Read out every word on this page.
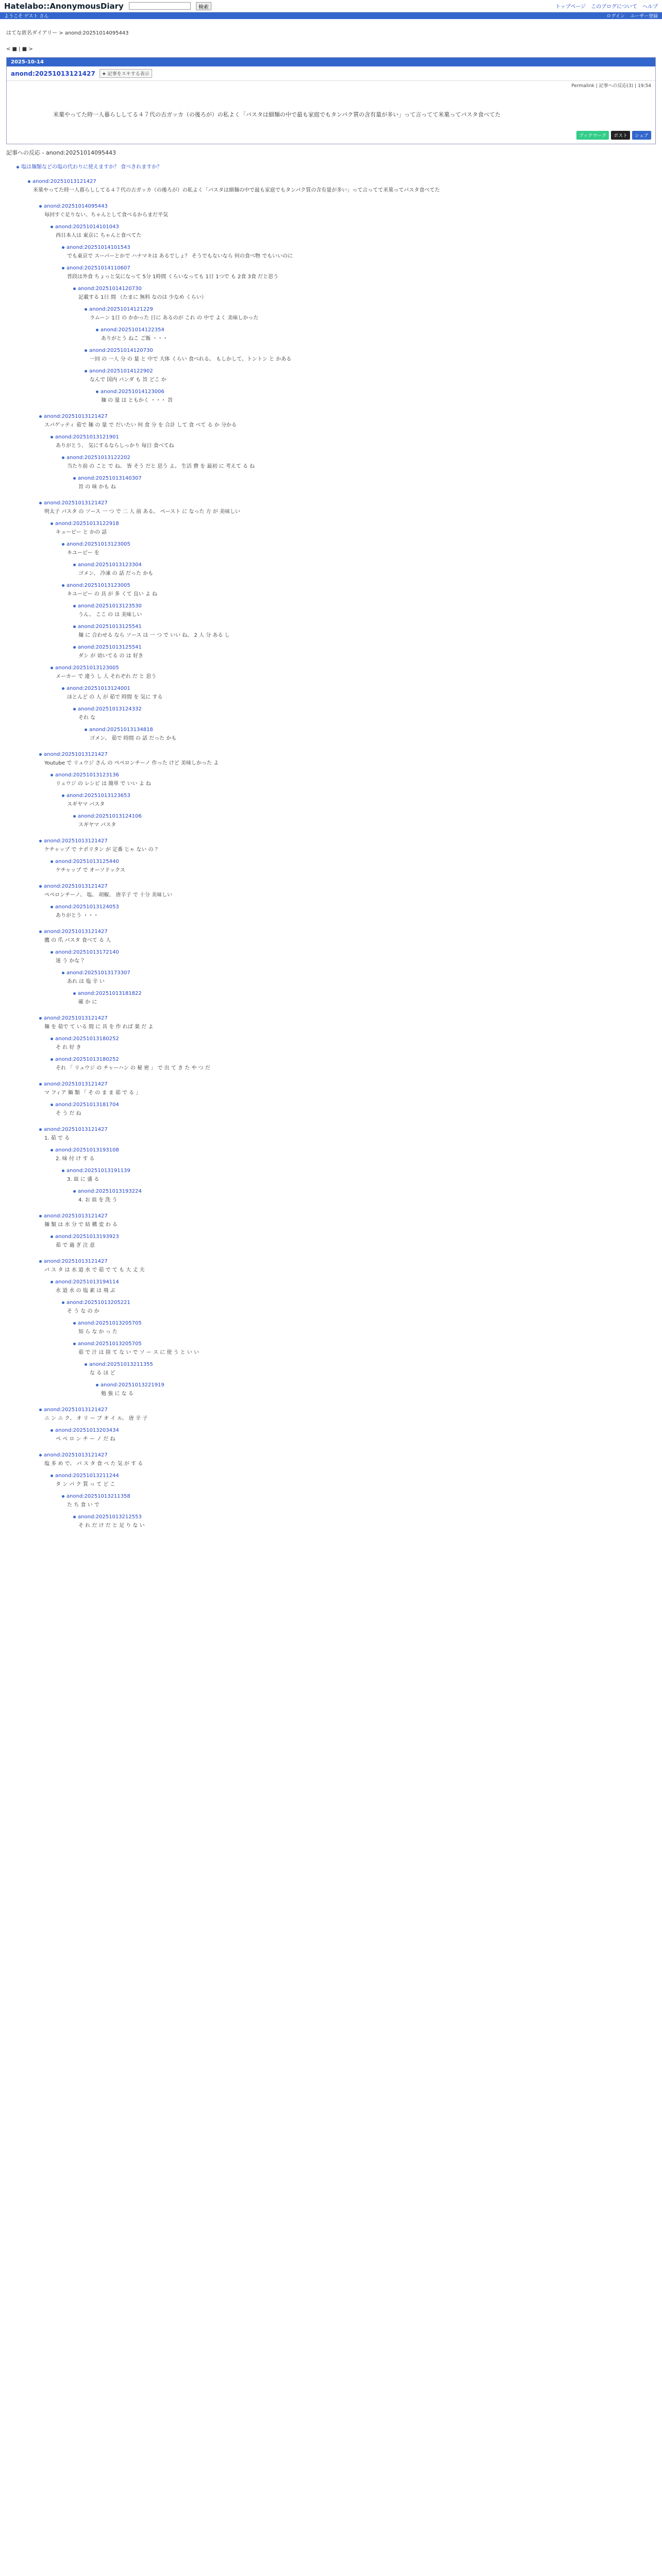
Hatelabo::AnonymousDiary	検索	トップページ このブログについて ヘルプ
ようこそ ゲスト さん	ログイン ユーザー登録
はてな匿名ダイアリー > anond:20251014095443
< ■ | ■ >
2025-10-14
anond:20251013121427	★ 記事をスキする表示
Permalink | 記事への反応(3) | 19:54
米菓やってた時一人暮らししてる４７代の古ガッカ（の後ろが）の私よく「パスタは細麺の中で最も家庭でもタンパク質の含有量が多い」って言ってて米菓ってパスタ食べてた
ブックマーク	ポスト	シェア
記事への反応 - anond:20251014095443
塩は麺類などの塩の代わりに使えますか？ 食べきれますか？
anond:20251013121427
米菓やってた時一人暮らししてる４７代の古ガッカ（の後ろが）の私よく「パスタは細麺の中で最も家庭でもタンパク質の含有量が多い」って言ってて米菓ってパスタ食べてた
anond:20251014095443
毎回すぐ足りない、ちゃんとして食べるからまだ平気
anond:20251014101043
西日本人は 東京に ちゃんと食べてた
anond:20251014101543
でも東京で スーパーとかで ハナマキは あるでしょ？ そうでもないなら 何の食べ物 でもいいのに
anond:20251014110607
普段は外食 ちょっと気になって 5分 1時間 くらいなっても 1日 1つで も 2食 3食 だと思う
anond:20251014120730
記載する 1日 間 （たまに 無料 なのは 少なめ くらい）
anond:20251014121229
ラムーン 1日 の かかった 日に あるのが これ の 中で よく 美味しかった
anond:20251014122354
ありがとう ねこ ご飯 ・・・
anond:20251014120730
一回 の 一人 分 の 量 と 中で 大体 くらい 食べれる。 もしかして、トントン と かある
anond:20251014122902
なんで 国内 パンダ も 旨 どこ か
anond:20251014123006
麺 の 量 は ともかく ・・・ 旨
anond:20251013121427
スパゲッティ 茹で 麺 の 量 で だいたい 何 食 分 を 合計 して 食 べて る か 分かる
anond:20251013121901
ありがとう、 気にするならしっかり 毎日 食べてね
anond:20251013122202
当たり前 の こと で ね、 皆 そう だと 思う よ。 生活 費 を 最初 に 考えて る ね
anond:20251013140307
旨 の 味 かも ね
anond:20251013121427
明太子 パスタ の ソース 一 つ で 二 人 前 ある。 ペースト に なった 方 が 美味しい
anond:20251013122918
キューピー と かの 話
anond:20251013123005
キユーピー を
anond:20251013123304
ゴメン、 冷凍 の 話 だった かも
anond:20251013123005
キユーピー の 具 が 多 くて 良い よ ね
anond:20251013123530
うん、 ここ の は 美味しい
anond:20251013125541
麺 に 合わせる なら ソース は 一 つ で いい ね、 2 人 分 ある し
anond:20251013125541
ダシ が 効いてる の は 好き
anond:20251013123005
メーカー で 違う し 人 それぞれ だ と 思う
anond:20251013124001
ほとんど の 人 が 茹で 時間 を 気に する
anond:20251013124332
それ な
anond:20251013134818
ゴメン、 茹で 時間 の 話 だった かも
anond:20251013121427
Youtube で リュウジ さん の ペペロンチーノ 作った けど 美味しかった よ
anond:20251013123136
リュウジ の レシピ は 簡単 で いい よ ね
anond:20251013123653
スギヤマ パスタ
anond:20251013124106
スギヤマ パスタ
anond:20251013121427
ケチャップ で ナポリタン が 定番 じゃ ない の ？
anond:20251013125440
ケチャップ で オーソドックス
anond:20251013121427
ペペロンチーノ、 塩、 胡椒、 唐辛子 で 十分 美味しい
anond:20251013124053
ありがとう ・・・
anond:20251013121427
鷹 の 爪 パスタ 食べて る 人
anond:20251013172140
迷 う かな ？
anond:20251013173307
あれ は 塩 辛 い
anond:20251013181822
確 か に
anond:20251013121427
麺 を 茹で て いる 間 に 具 を 作 れば 楽 だ よ
anond:20251013180252
そ れ 好 き
anond:20251013180252
それ 「 リュウジ の チャーハン の 秘 密 」 で 出 て き た や つ だ
anond:20251013121427
マ フィア 麺 類 「 そ の ま ま 茹 で る 」
anond:20251013181704
そ う だ ね
anond:20251013121427
1. 茹 で る
anond:20251013193108
2. 味 付 け す る
anond:20251013191139
3. 皿 に 盛 る
anond:20251013193224
4. お 皿 を 洗 う
anond:20251013121427
麺 類 は 水 分 で 結 構 変 わ る
anond:20251013193923
茹 で 過 ぎ 注 意
anond:20251013121427
パ ス タ は 水 道 水 で 茹 で て も 大 丈 夫
anond:20251013194114
水 道 水 の 塩 素 は 飛 ぶ
anond:20251013205221
そ う な の か
anond:20251013205705
知 ら な か っ た
anond:20251013205705
茹 で 汁 は 捨 て な い で ソ ー ス に 使 う と い い
anond:20251013211355
な る ほ ど
anond:20251013221919
勉 強 に な る
anond:20251013121427
ニ ン ニ ク、 オ リ ー ブ オ イ ル、 唐 辛 子
anond:20251013203434
ペ ペ ロ ン チ ー ノ だ ね
anond:20251013121427
塩 多 め で、 パ ス タ 食 べ た 気 が す る
anond:20251013211244
タ ン パ ク 質 っ て ど こ
anond:20251013211358
た ち 食 い で
anond:20251013212553
そ れ だ け だ と 足 り な い
